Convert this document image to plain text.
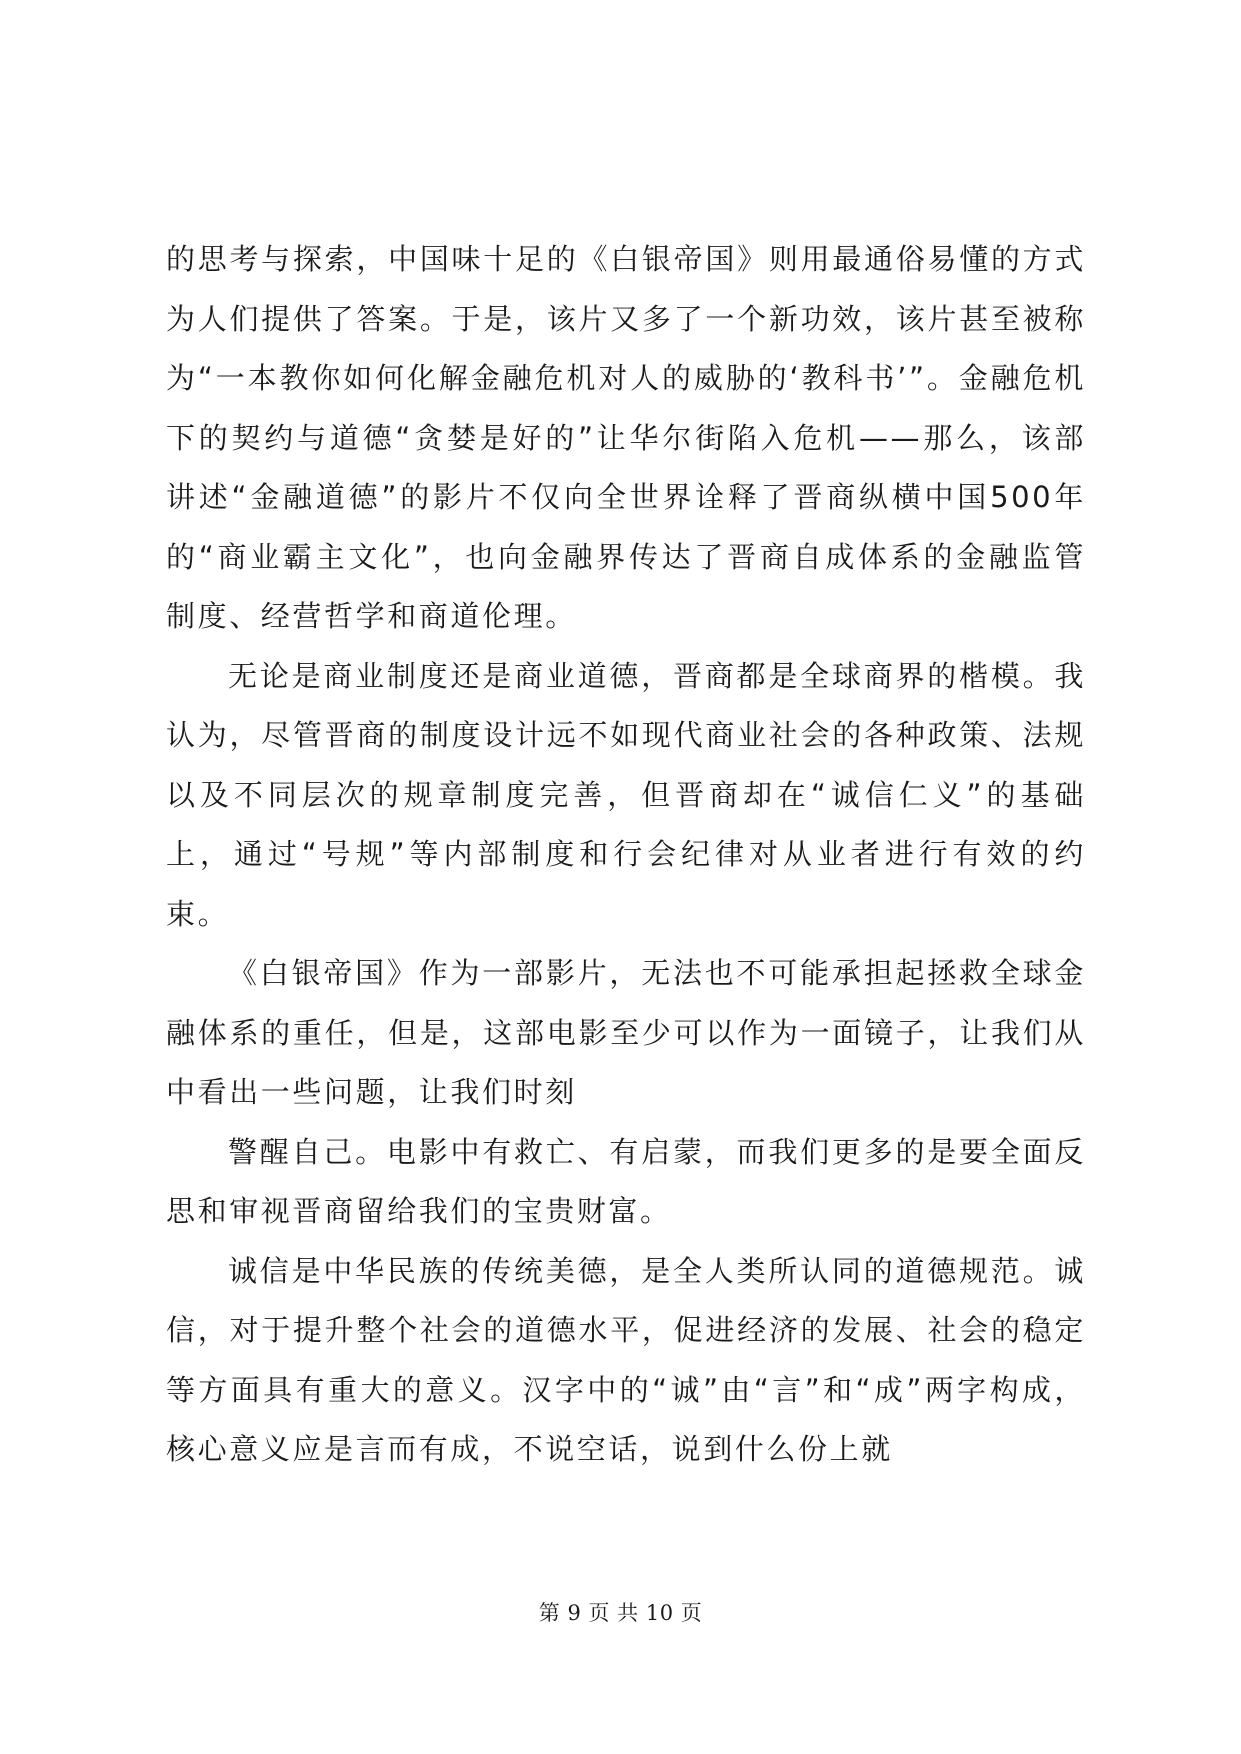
的思考与探索，中国味十足的《白银帝国》则用最通俗易懂的方式为人们提供了答案。于是，该片又多了一个新功效，该片甚至被称为“一本教你如何化解金融危机对人的威胁的‘教科书’”。金融危机下的契约与道德“贪婪是好的”让华尔街陷入危机——那么，该部讲述“金融道德”的影片不仅向全世界诠释了晋商纵横中国500年的“商业霸主文化”，也向金融界传达了晋商自成体系的金融监管制度、经营哲学和商道伦理。

无论是商业制度还是商业道德，晋商都是全球商界的楷模。我认为，尽管晋商的制度设计远不如现代商业社会的各种政策、法规以及不同层次的规章制度完善，但晋商却在“诚信仁义”的基础上，通过“号规”等内部制度和行会纪律对从业者进行有效的约束。

《白银帝国》作为一部影片，无法也不可能承担起拯救全球金融体系的重任，但是，这部电影至少可以作为一面镜子，让我们从中看出一些问题，让我们时刻

警醒自己。电影中有救亡、有启蒙，而我们更多的是要全面反思和审视晋商留给我们的宝贵财富。

诚信是中华民族的传统美德，是全人类所认同的道德规范。诚信，对于提升整个社会的道德水平，促进经济的发展、社会的稳定等方面具有重大的意义。汉字中的“诚”由“言”和“成”两字构成，核心意义应是言而有成，不说空话，说到什么份上就

第 9 页 共 10 页
